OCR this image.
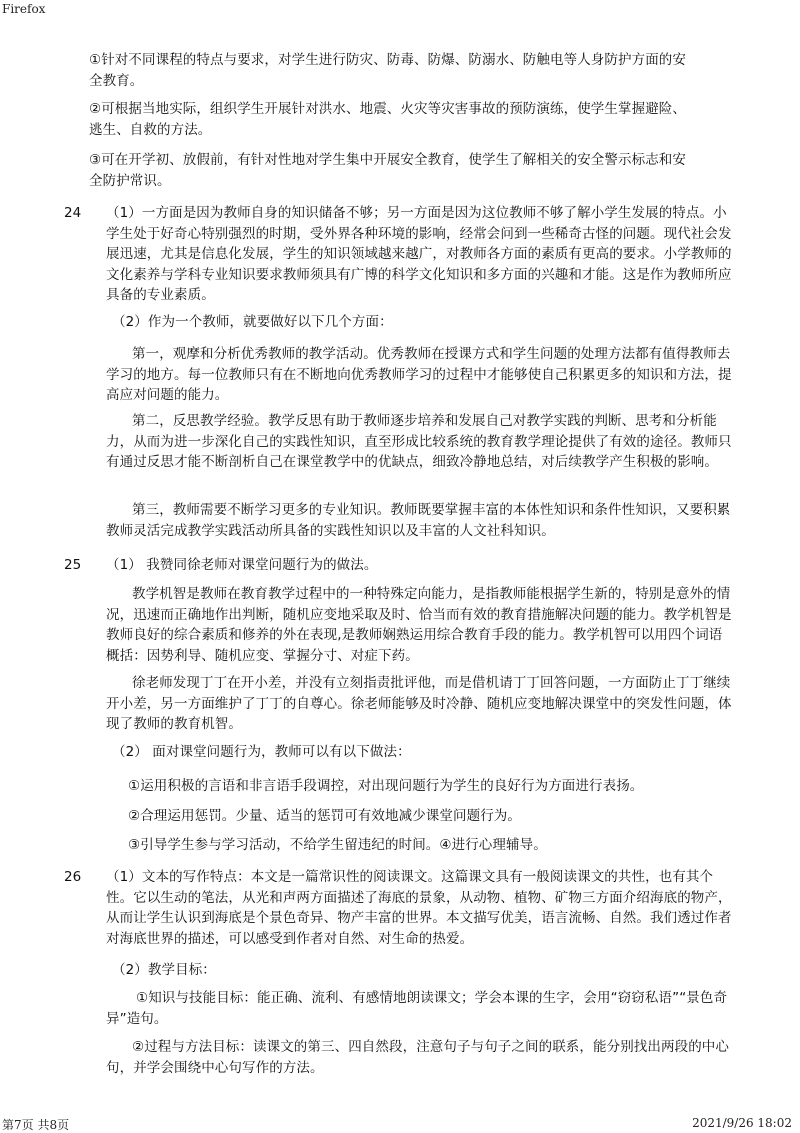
Firefox
①针对不同课程的特点与要求，对学生进行防灾、防毒、防爆、防溺水、防触电等人身防护方面的安全教育。
②可根据当地实际，组织学生开展针对洪水、地震、火灾等灾害事故的预防演练，使学生掌握避险、逃生、自救的方法。
③可在开学初、放假前，有针对性地对学生集中开展安全教育，使学生了解相关的安全警示标志和安全防护常识。
24 （1）一方面是因为教师自身的知识储备不够；另一方面是因为这位教师不够了解小学生发展的特点。小学生处于好奇心特别强烈的时期，受外界各种环境的影响，经常会问到一些稀奇古怪的问题。现代社会发展迅速，尤其是信息化发展，学生的知识领域越来越广，对教师各方面的素质有更高的要求。小学教师的文化素养与学科专业知识要求教师须具有广博的科学文化知识和多方面的兴趣和才能。这是作为教师所应具备的专业素质。
（2）作为一个教师，就要做好以下几个方面：
第一，观摩和分析优秀教师的教学活动。优秀教师在授课方式和学生问题的处理方法都有值得教师去学习的地方。每一位教师只有在不断地向优秀教师学习的过程中才能够使自己积累更多的知识和方法，提高应对问题的能力。
第二，反思教学经验。教学反思有助于教师逐步培养和发展自己对教学实践的判断、思考和分析能力，从而为进一步深化自己的实践性知识，直至形成比较系统的教育教学理论提供了有效的途径。教师只有通过反思才能不断剖析自己在课堂教学中的优缺点，细致冷静地总结，对后续教学产生积极的影响。
第三，教师需要不断学习更多的专业知识。教师既要掌握丰富的本体性知识和条件性知识，又要积累教师灵活完成教学实践活动所具备的实践性知识以及丰富的人文社科知识。
25 （1） 我赞同徐老师对课堂问题行为的做法。
教学机智是教师在教育教学过程中的一种特殊定向能力，是指教师能根据学生新的，特别是意外的情况，迅速而正确地作出判断，随机应变地采取及时、恰当而有效的教育措施解决问题的能力。教学机智是教师良好的综合素质和修养的外在表现,是教师娴熟运用综合教育手段的能力。教学机智可以用四个词语概括：因势利导、随机应变、掌握分寸、对症下药。
徐老师发现丁丁在开小差，并没有立刻指责批评他，而是借机请丁丁回答问题，一方面防止丁丁继续开小差，另一方面维护了丁丁的自尊心。徐老师能够及时冷静、随机应变地解决课堂中的突发性问题，体现了教师的教育机智。
（2） 面对课堂问题行为，教师可以有以下做法：
①运用积极的言语和非言语手段调控，对出现问题行为学生的良好行为方面进行表扬。
②合理运用惩罚。少量、适当的惩罚可有效地减少课堂问题行为。
③引导学生参与学习活动，不给学生留违纪的时间。④进行心理辅导。
26 （1）文本的写作特点：本文是一篇常识性的阅读课文。这篇课文具有一般阅读课文的共性，也有其个性。它以生动的笔法，从光和声两方面描述了海底的景象，从动物、植物、矿物三方面介绍海底的物产，从而让学生认识到海底是个景色奇异、物产丰富的世界。本文描写优美，语言流畅、自然。我们透过作者对海底世界的描述，可以感受到作者对自然、对生命的热爱。
（2）教学目标：
①知识与技能目标：能正确、流利、有感情地朗读课文；学会本课的生字，会用“窃窃私语”“景色奇异”造句。
②过程与方法目标：读课文的第三、四自然段，注意句子与句子之间的联系，能分别找出两段的中心句，并学会围绕中心句写作的方法。
第7页 共8页	2021/9/26 18:02
